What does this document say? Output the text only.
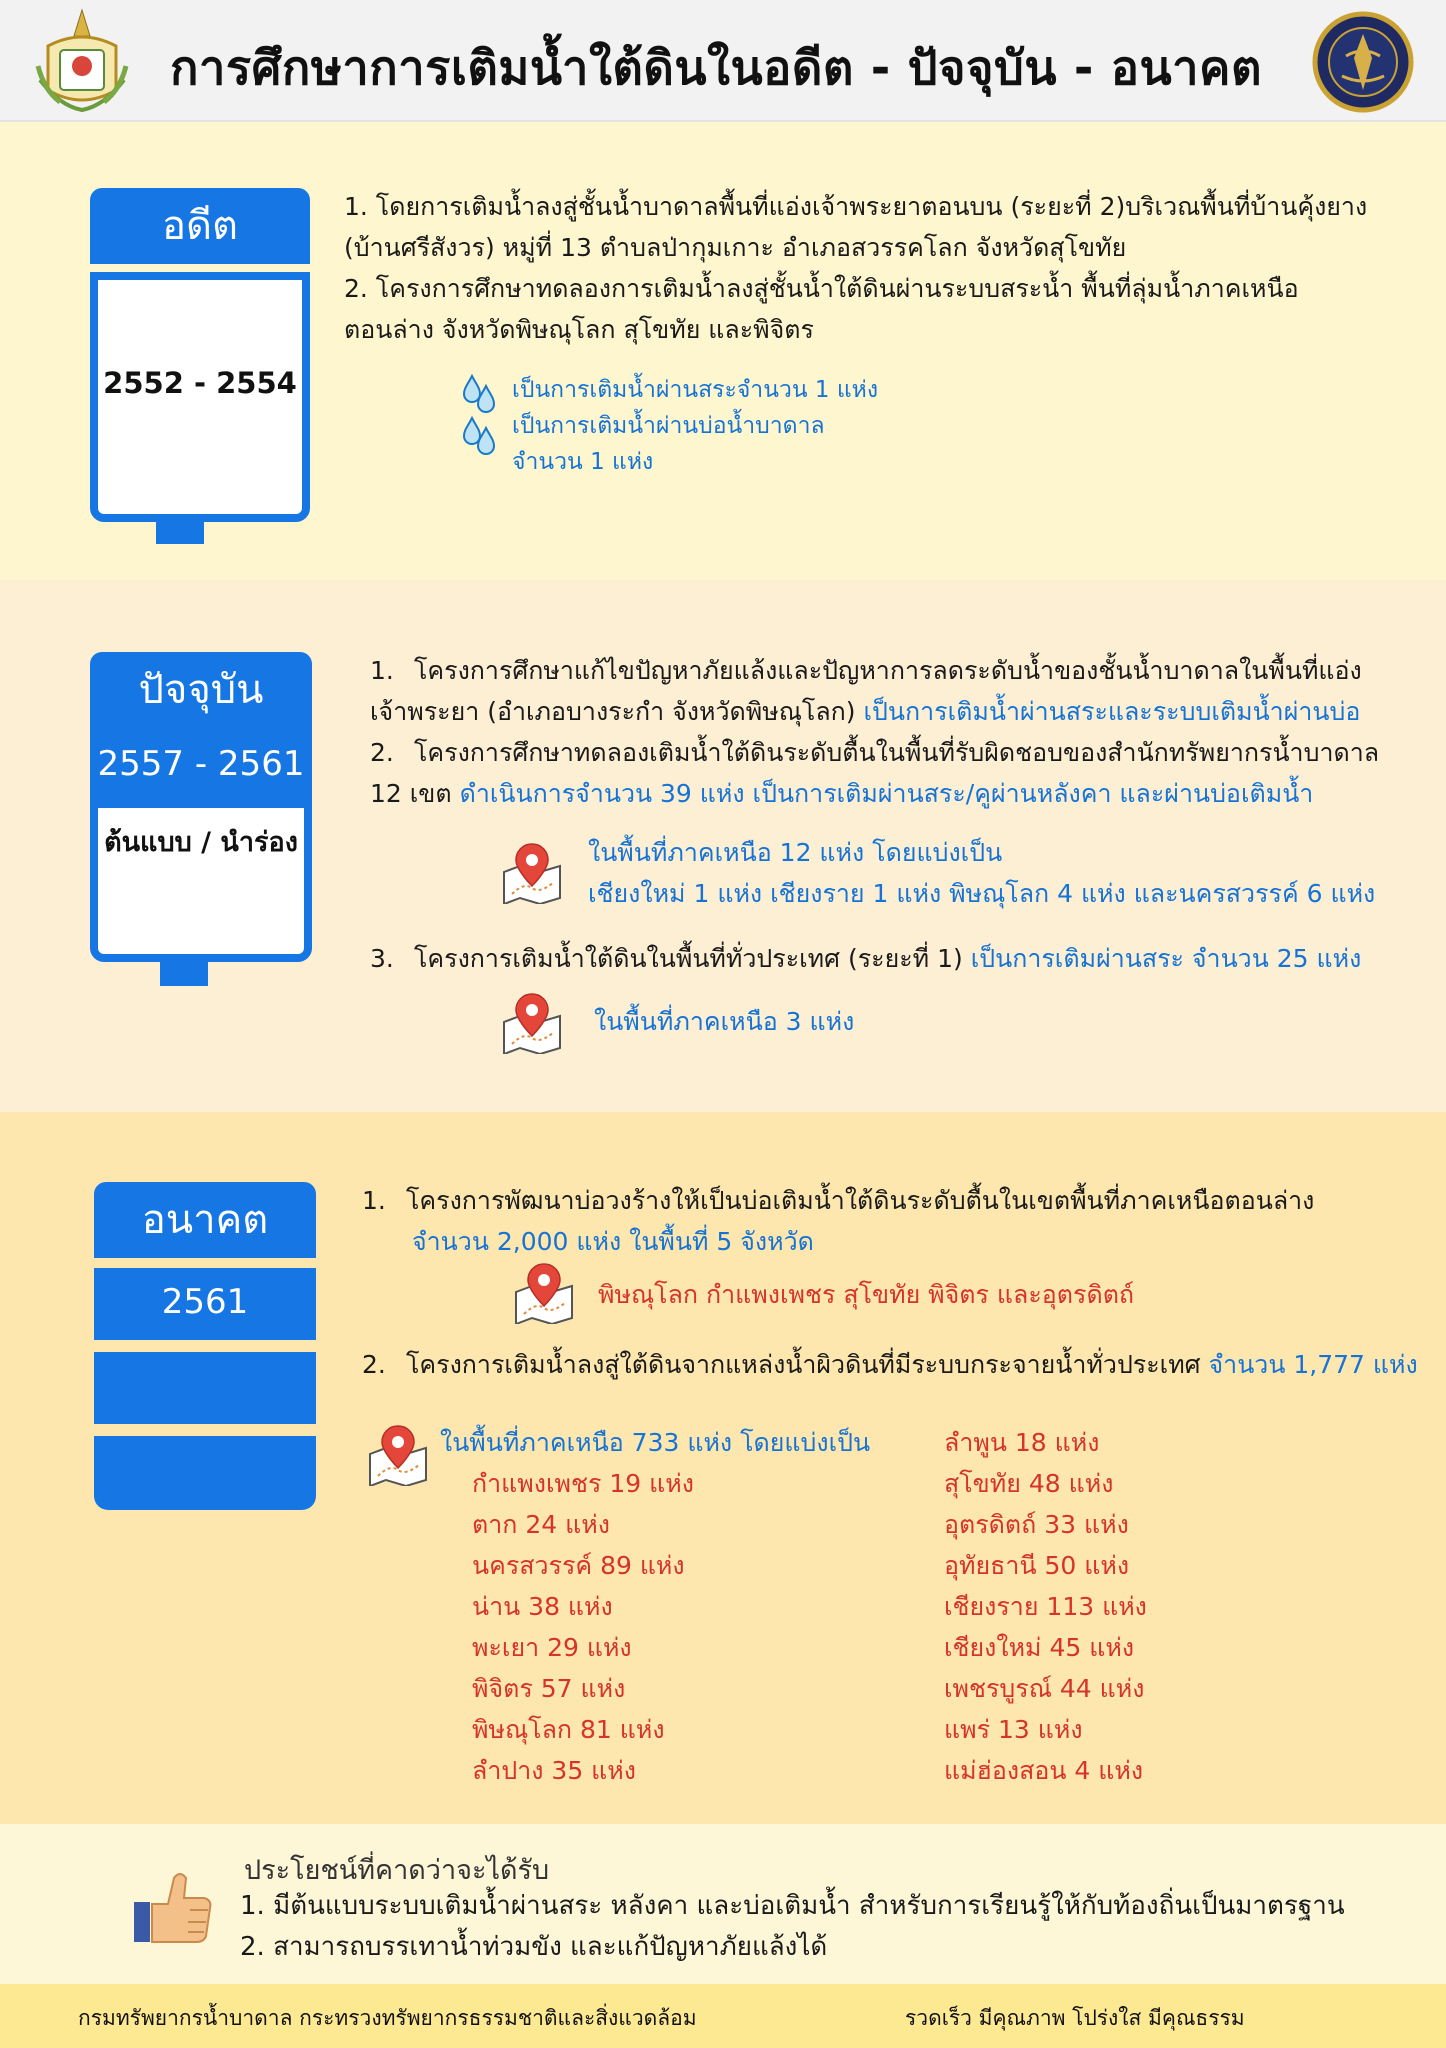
การศึกษาการเติมน้ำใต้ดินในอดีต - ปัจจุบัน - อนาคต
อดีต
2552 - 2554
1. โดยการเติมน้ำลงสู่ชั้นน้ำบาดาลพื้นที่แอ่งเจ้าพระยาตอนบน (ระยะที่ 2)บริเวณพื้นที่บ้านคุ้งยาง
(บ้านศรีสังวร) หมู่ที่ 13 ตำบลป่ากุมเกาะ อำเภอสวรรคโลก จังหวัดสุโขทัย
2. โครงการศึกษาทดลองการเติมน้ำลงสู่ชั้นน้ำใต้ดินผ่านระบบสระน้ำ พื้นที่ลุ่มน้ำภาคเหนือ
ตอนล่าง จังหวัดพิษณุโลก สุโขทัย และพิจิตร
เป็นการเติมน้ำผ่านสระจำนวน 1 แห่ง
เป็นการเติมน้ำผ่านบ่อน้ำบาดาล
จำนวน 1 แห่ง
ปัจจุบัน
2557 - 2561
ต้นแบบ / นำร่อง
1. โครงการศึกษาแก้ไขปัญหาภัยแล้งและปัญหาการลดระดับน้ำของชั้นน้ำบาดาลในพื้นที่แอ่ง
เจ้าพระยา (อำเภอบางระกำ จังหวัดพิษณุโลก) เป็นการเติมน้ำผ่านสระและระบบเติมน้ำผ่านบ่อ
2. โครงการศึกษาทดลองเติมน้ำใต้ดินระดับตื้นในพื้นที่รับผิดชอบของสำนักทรัพยากรน้ำบาดาล
12 เขต ดำเนินการจำนวน 39 แห่ง เป็นการเติมผ่านสระ/คูผ่านหลังคา และผ่านบ่อเติมน้ำ
ในพื้นที่ภาคเหนือ 12 แห่ง โดยแบ่งเป็น
เชียงใหม่ 1 แห่ง เชียงราย 1 แห่ง พิษณุโลก 4 แห่ง และนครสวรรค์ 6 แห่ง
3. โครงการเติมน้ำใต้ดินในพื้นที่ทั่วประเทศ (ระยะที่ 1) เป็นการเติมผ่านสระ จำนวน 25 แห่ง
ในพื้นที่ภาคเหนือ 3 แห่ง
อนาคต
2561
1. โครงการพัฒนาบ่อวงร้างให้เป็นบ่อเติมน้ำใต้ดินระดับตื้นในเขตพื้นที่ภาคเหนือตอนล่าง
จำนวน 2,000 แห่ง ในพื้นที่ 5 จังหวัด
พิษณุโลก กำแพงเพชร สุโขทัย พิจิตร และอุตรดิตถ์
2. โครงการเติมน้ำลงสู่ใต้ดินจากแหล่งน้ำผิวดินที่มีระบบกระจายน้ำทั่วประเทศ จำนวน 1,777 แห่ง
ในพื้นที่ภาคเหนือ 733 แห่ง โดยแบ่งเป็น
กำแพงเพชร 19 แห่ง
ตาก 24 แห่ง
นครสวรรค์ 89 แห่ง
น่าน 38 แห่ง
พะเยา 29 แห่ง
พิจิตร 57 แห่ง
พิษณุโลก 81 แห่ง
ลำปาง 35 แห่ง
ลำพูน 18 แห่ง
สุโขทัย 48 แห่ง
อุตรดิตถ์ 33 แห่ง
อุทัยธานี 50 แห่ง
เชียงราย 113 แห่ง
เชียงใหม่ 45 แห่ง
เพชรบูรณ์ 44 แห่ง
แพร่ 13 แห่ง
แม่ฮ่องสอน 4 แห่ง
ประโยชน์ที่คาดว่าจะได้รับ
1. มีต้นแบบระบบเติมน้ำผ่านสระ หลังคา และบ่อเติมน้ำ สำหรับการเรียนรู้ให้กับท้องถิ่นเป็นมาตรฐาน
2. สามารถบรรเทาน้ำท่วมขัง และแก้ปัญหาภัยแล้งได้
กรมทรัพยากรน้ำบาดาล กระทรวงทรัพยากรธรรมชาติและสิ่งแวดล้อม	รวดเร็ว มีคุณภาพ โปร่งใส มีคุณธรรม
